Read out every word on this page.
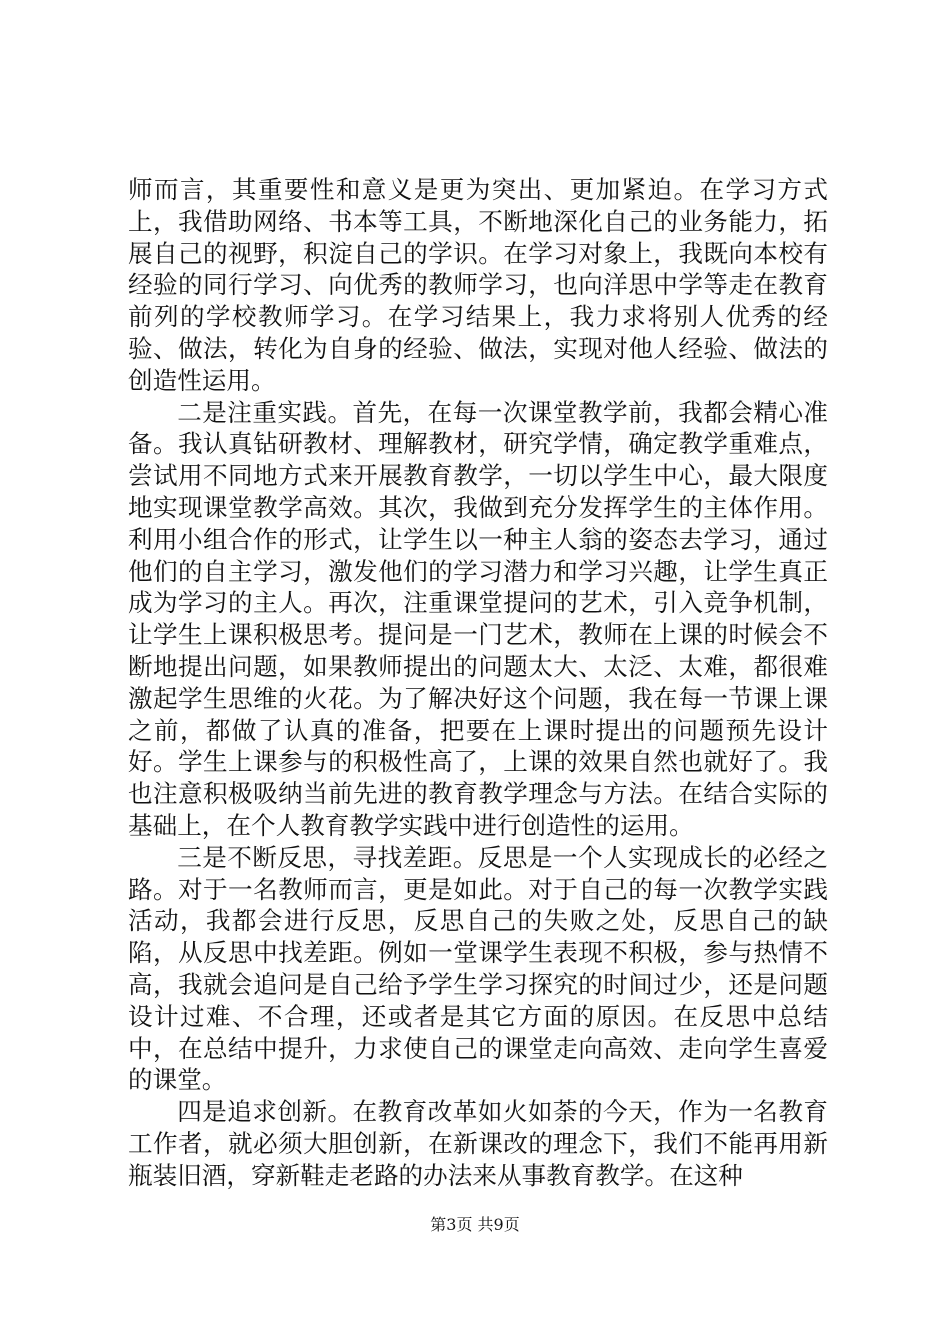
师而言，其重要性和意义是更为突出、更加紧迫。在学习方式上，我借助网络、书本等工具，不断地深化自己的业务能力，拓展自己的视野，积淀自己的学识。在学习对象上，我既向本校有经验的同行学习、向优秀的教师学习，也向洋思中学等走在教育前列的学校教师学习。在学习结果上，我力求将别人优秀的经验、做法，转化为自身的经验、做法，实现对他人经验、做法的创造性运用。

二是注重实践。首先，在每一次课堂教学前，我都会精心准备。我认真钻研教材、理解教材，研究学情，确定教学重难点，尝试用不同地方式来开展教育教学，一切以学生中心，最大限度地实现课堂教学高效。其次，我做到充分发挥学生的主体作用。利用小组合作的形式，让学生以一种主人翁的姿态去学习，通过他们的自主学习，激发他们的学习潜力和学习兴趣，让学生真正成为学习的主人。再次，注重课堂提问的艺术，引入竞争机制，让学生上课积极思考。提问是一门艺术，教师在上课的时候会不断地提出问题，如果教师提出的问题太大、太泛、太难，都很难激起学生思维的火花。为了解决好这个问题，我在每一节课上课之前，都做了认真的准备，把要在上课时提出的问题预先设计好。学生上课参与的积极性高了，上课的效果自然也就好了。我也注意积极吸纳当前先进的教育教学理念与方法。在结合实际的基础上，在个人教育教学实践中进行创造性的运用。

三是不断反思，寻找差距。反思是一个人实现成长的必经之路。对于一名教师而言，更是如此。对于自己的每一次教学实践活动，我都会进行反思，反思自己的失败之处，反思自己的缺陷，从反思中找差距。例如一堂课学生表现不积极，参与热情不高，我就会追问是自己给予学生学习探究的时间过少，还是问题设计过难、不合理，还或者是其它方面的原因。在反思中总结中，在总结中提升，力求使自己的课堂走向高效、走向学生喜爱的课堂。

四是追求创新。在教育改革如火如荼的今天，作为一名教育工作者，就必须大胆创新，在新课改的理念下，我们不能再用新瓶装旧酒，穿新鞋走老路的办法来从事教育教学。在这种

第3页 共9页
